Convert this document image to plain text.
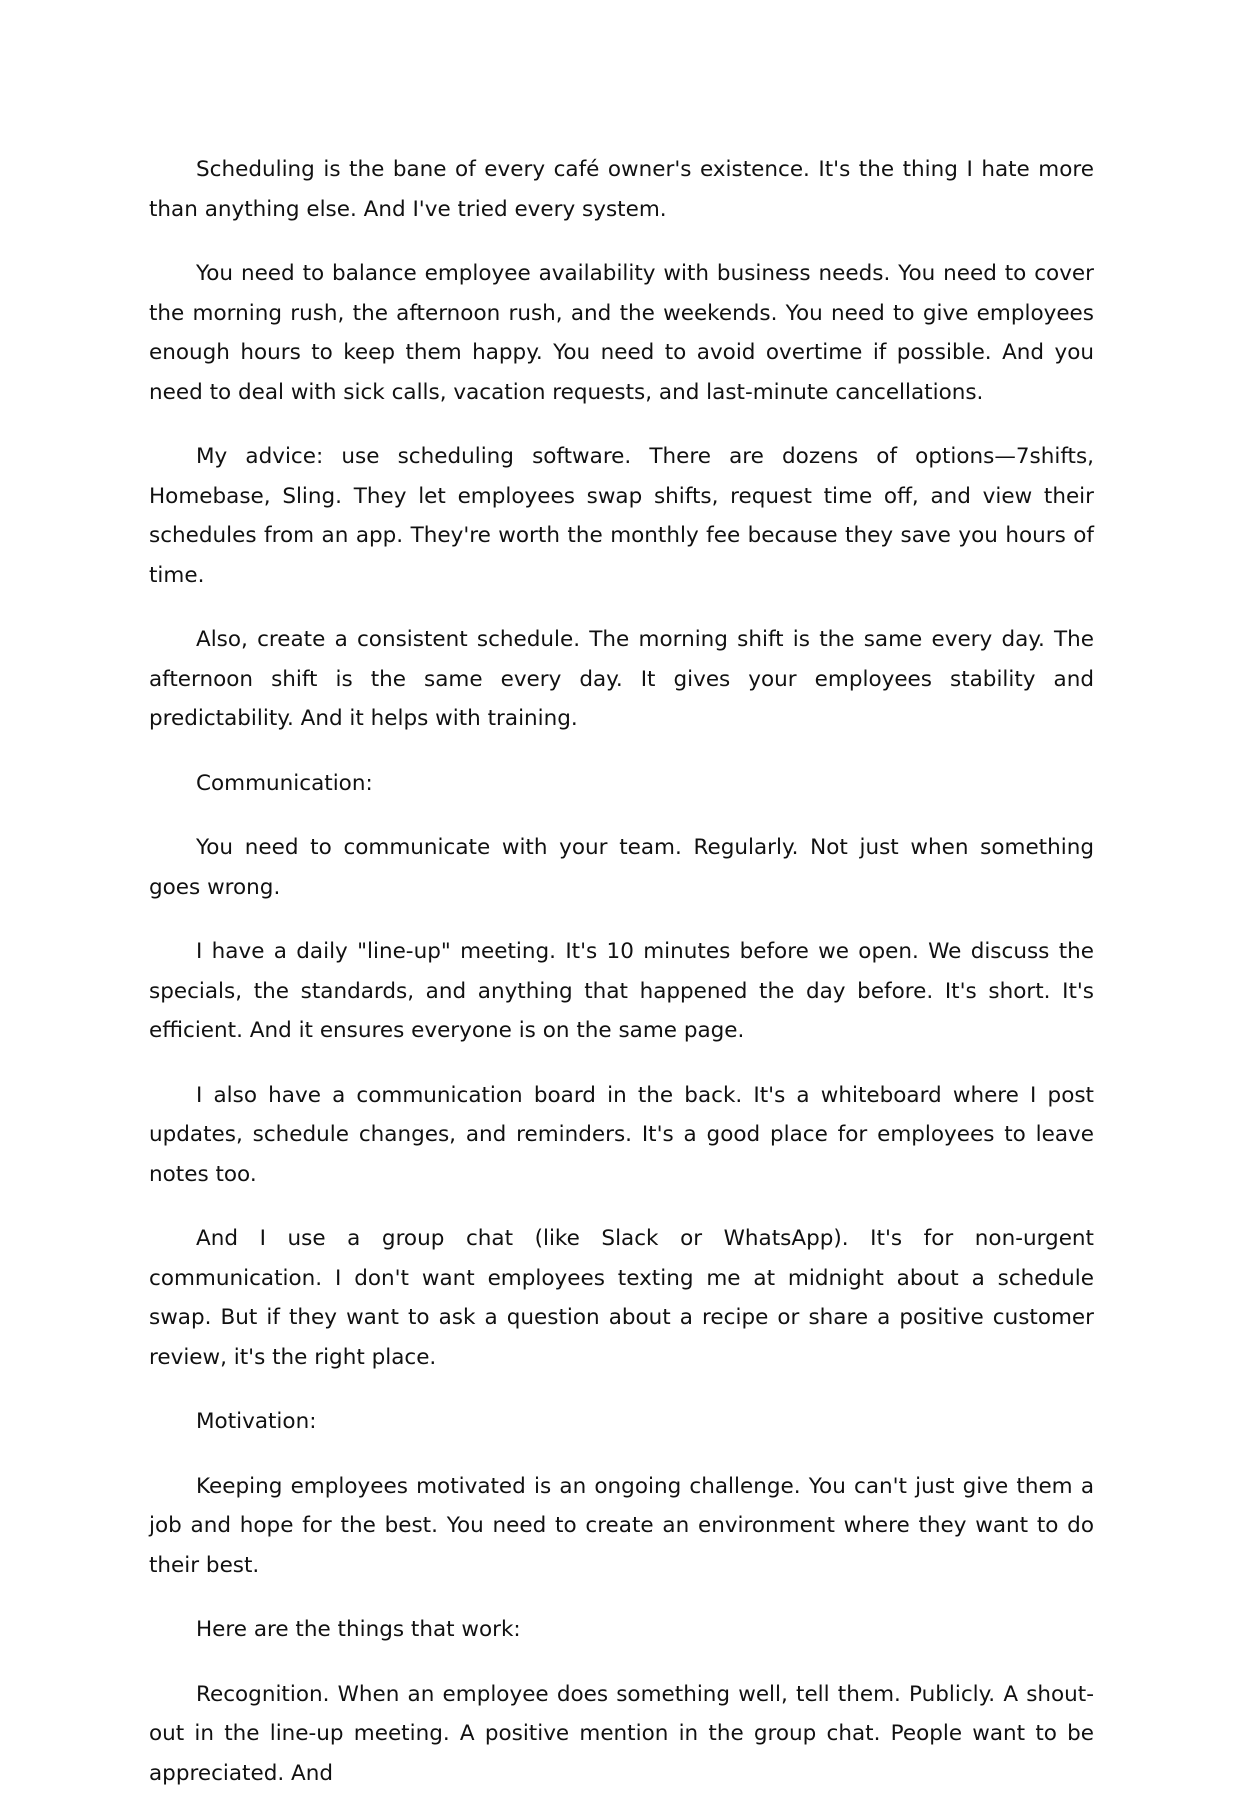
Scheduling is the bane of every café owner's existence. It's the thing I hate more than anything else. And I've tried every system.

You need to balance employee availability with business needs. You need to cover the morning rush, the afternoon rush, and the weekends. You need to give employees enough hours to keep them happy. You need to avoid overtime if possible. And you need to deal with sick calls, vacation requests, and last-minute cancellations.

My advice: use scheduling software. There are dozens of options—7shifts, Homebase, Sling. They let employees swap shifts, request time off, and view their schedules from an app. They're worth the monthly fee because they save you hours of time.

Also, create a consistent schedule. The morning shift is the same every day. The afternoon shift is the same every day. It gives your employees stability and predictability. And it helps with training.

Communication:

You need to communicate with your team. Regularly. Not just when something goes wrong.

I have a daily "line-up" meeting. It's 10 minutes before we open. We discuss the specials, the standards, and anything that happened the day before. It's short. It's efficient. And it ensures everyone is on the same page.

I also have a communication board in the back. It's a whiteboard where I post updates, schedule changes, and reminders. It's a good place for employees to leave notes too.

And I use a group chat (like Slack or WhatsApp). It's for non-urgent communication. I don't want employees texting me at midnight about a schedule swap. But if they want to ask a question about a recipe or share a positive customer review, it's the right place.

Motivation:

Keeping employees motivated is an ongoing challenge. You can't just give them a job and hope for the best. You need to create an environment where they want to do their best.

Here are the things that work:

Recognition. When an employee does something well, tell them. Publicly. A shout-out in the line-up meeting. A positive mention in the group chat. People want to be appreciated. And
